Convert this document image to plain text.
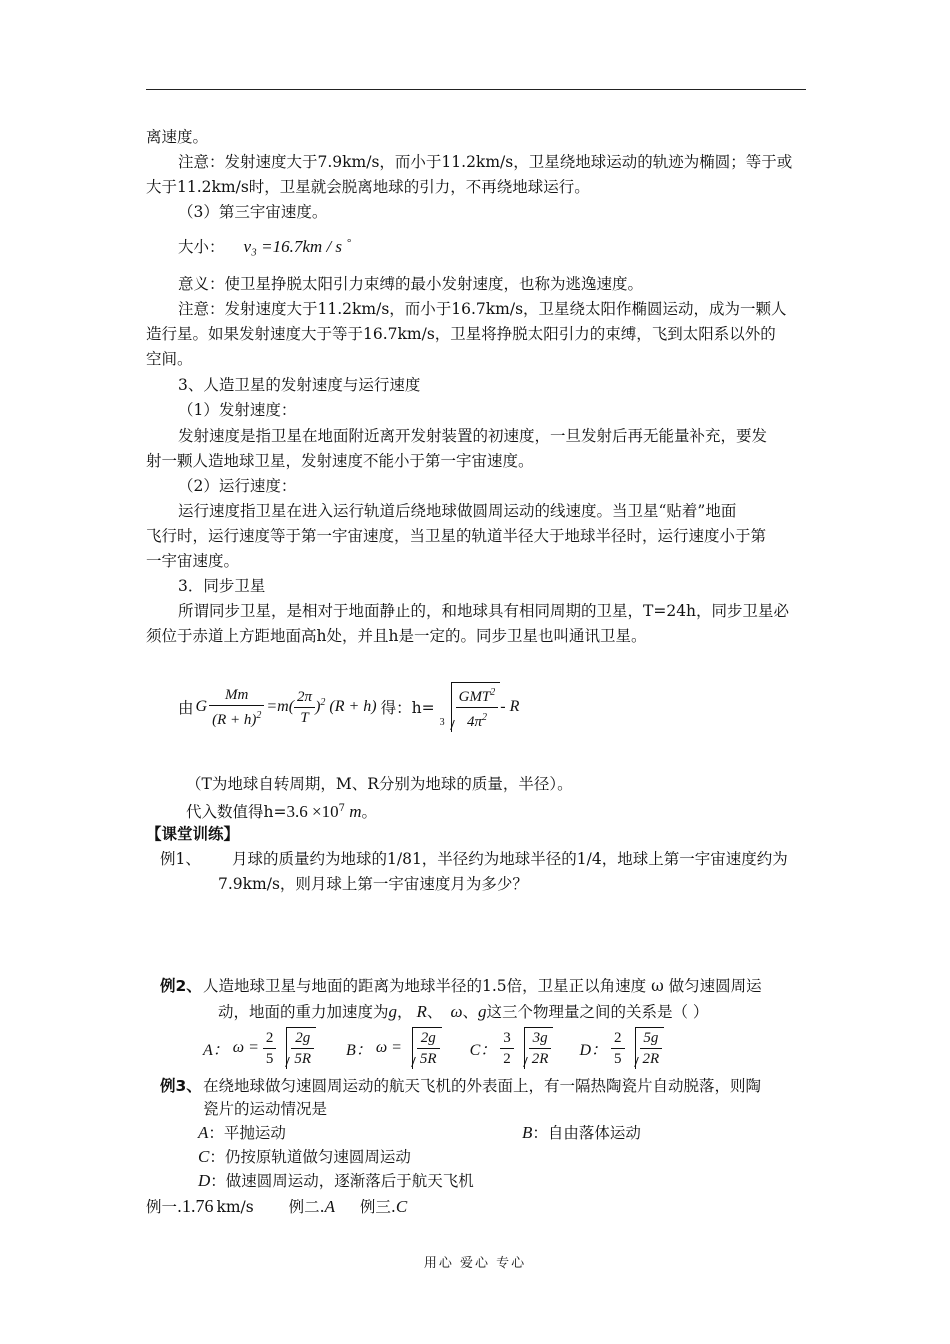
离速度。
注意：发射速度大于7.9km/s，而小于11.2km/s，卫星绕地球运动的轨迹为椭圆；等于或
大于11.2km/s时，卫星就会脱离地球的引力，不再绕地球运行。
（3）第三宇宙速度。
大小： v₃ =16.7km / s °
意义：使卫星挣脱太阳引力束缚的最小发射速度，也称为逃逸速度。
注意：发射速度大于11.2km/s，而小于16.7km/s，卫星绕太阳作椭圆运动，成为一颗人
造行星。如果发射速度大于等于16.7km/s，卫星将挣脱太阳引力的束缚，飞到太阳系以外的
空间。
3、人造卫星的发射速度与运行速度
（1）发射速度：
发射速度是指卫星在地面附近离开发射装置的初速度，一旦发射后再无能量补充，要发
射一颗人造地球卫星，发射速度不能小于第一宇宙速度。
（2）运行速度：
运行速度指卫星在进入运行轨道后绕地球做圆周运动的线速度。当卫星“贴着”地面
飞行时，运行速度等于第一宇宙速度，当卫星的轨道半径大于地球半径时，运行速度小于第
一宇宙速度。
3．同步卫星
所谓同步卫星，是相对于地面静止的，和地球具有相同周期的卫星，T=24h，同步卫星必
须位于赤道上方距地面高h处，并且h是一定的。同步卫星也叫通讯卫星。
由 G $\frac{Mm}{(R + h)^2} =m( \frac{2\pi}{T} )^2$ (R + h) 得：h=
$3 \frac{GMT^2}{4\pi^2}$ - R
（T为地球自转周期，M、R分别为地球的质量，半径）。
代入数值得$h=3.6 \times 10^7$ m。
【课堂训练】
例1、 月球的质量约为地球的1/81，半径约为地球半径的1/4，地球上第一宇宙速度约为
7.9km/s，则月球上第一宇宙速度月为多少？
例2、 人造地球卫星与地面的距离为地球半径的1.5倍，卫星正以角速度 ω 做匀速圆周运
动，地面的重力加速度为g， R、 ω、g这三个物理量之间的关系是（ ）
A： $\omega = \frac{2}{5} \frac{2g}{5R}$ B： $\omega = \frac{2g}{5R}$ C： $\frac{3}{2} \frac{3g}{2R}$ D： $\frac{2}{5} \frac{5g}{2R}$
例3、 在绕地球做匀速圆周运动的航天飞机的外表面上，有一隔热陶瓷片自动脱落，则陶
瓷片的运动情况是
A：平抛运动	B：自由落体运动
C：仍按原轨道做匀速圆周运动
D：做速圆周运动，逐渐落后于航天飞机
例一.1.76 km/s 例二.A 例三.C
用心 爱心 专心
